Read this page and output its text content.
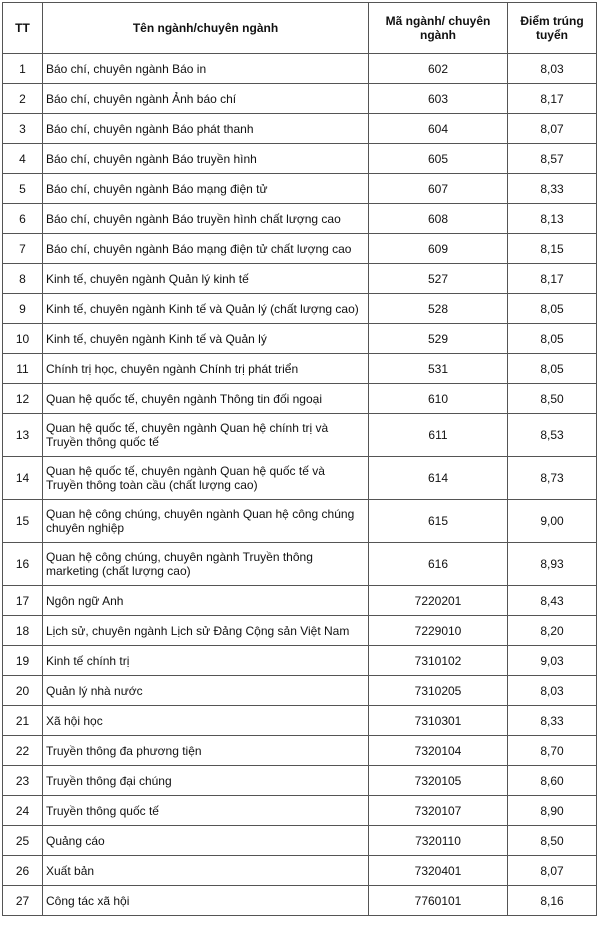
TT	Tên ngành/chuyên ngành	Mã ngành/ chuyên ngành	Điểm trúng tuyển
1	Báo chí, chuyên ngành Báo in	602	8,03
2	Báo chí, chuyên ngành Ảnh báo chí	603	8,17
3	Báo chí, chuyên ngành Báo phát thanh	604	8,07
4	Báo chí, chuyên ngành Báo truyền hình	605	8,57
5	Báo chí, chuyên ngành Báo mạng điện tử	607	8,33
6	Báo chí, chuyên ngành Báo truyền hình chất lượng cao	608	8,13
7	Báo chí, chuyên ngành Báo mạng điện tử chất lượng cao	609	8,15
8	Kinh tế, chuyên ngành Quản lý kinh tế	527	8,17
9	Kinh tế, chuyên ngành Kinh tế và Quản lý (chất lượng cao)	528	8,05
10	Kinh tế, chuyên ngành Kinh tế và Quản lý	529	8,05
11	Chính trị học, chuyên ngành Chính trị phát triển	531	8,05
12	Quan hệ quốc tế, chuyên ngành Thông tin đối ngoại	610	8,50
13	Quan hệ quốc tế, chuyên ngành Quan hệ chính trị và Truyền thông quốc tế	611	8,53
14	Quan hệ quốc tế, chuyên ngành Quan hệ quốc tế và Truyền thông toàn cầu (chất lượng cao)	614	8,73
15	Quan hệ công chúng, chuyên ngành Quan hệ công chúng chuyên nghiệp	615	9,00
16	Quan hệ công chúng, chuyên ngành Truyền thông marketing (chất lượng cao)	616	8,93
17	Ngôn ngữ Anh	7220201	8,43
18	Lịch sử, chuyên ngành Lịch sử Đảng Cộng sản Việt Nam	7229010	8,20
19	Kinh tế chính trị	7310102	9,03
20	Quản lý nhà nước	7310205	8,03
21	Xã hội học	7310301	8,33
22	Truyền thông đa phương tiện	7320104	8,70
23	Truyền thông đại chúng	7320105	8,60
24	Truyền thông quốc tế	7320107	8,90
25	Quảng cáo	7320110	8,50
26	Xuất bản	7320401	8,07
27	Công tác xã hội	7760101	8,16
